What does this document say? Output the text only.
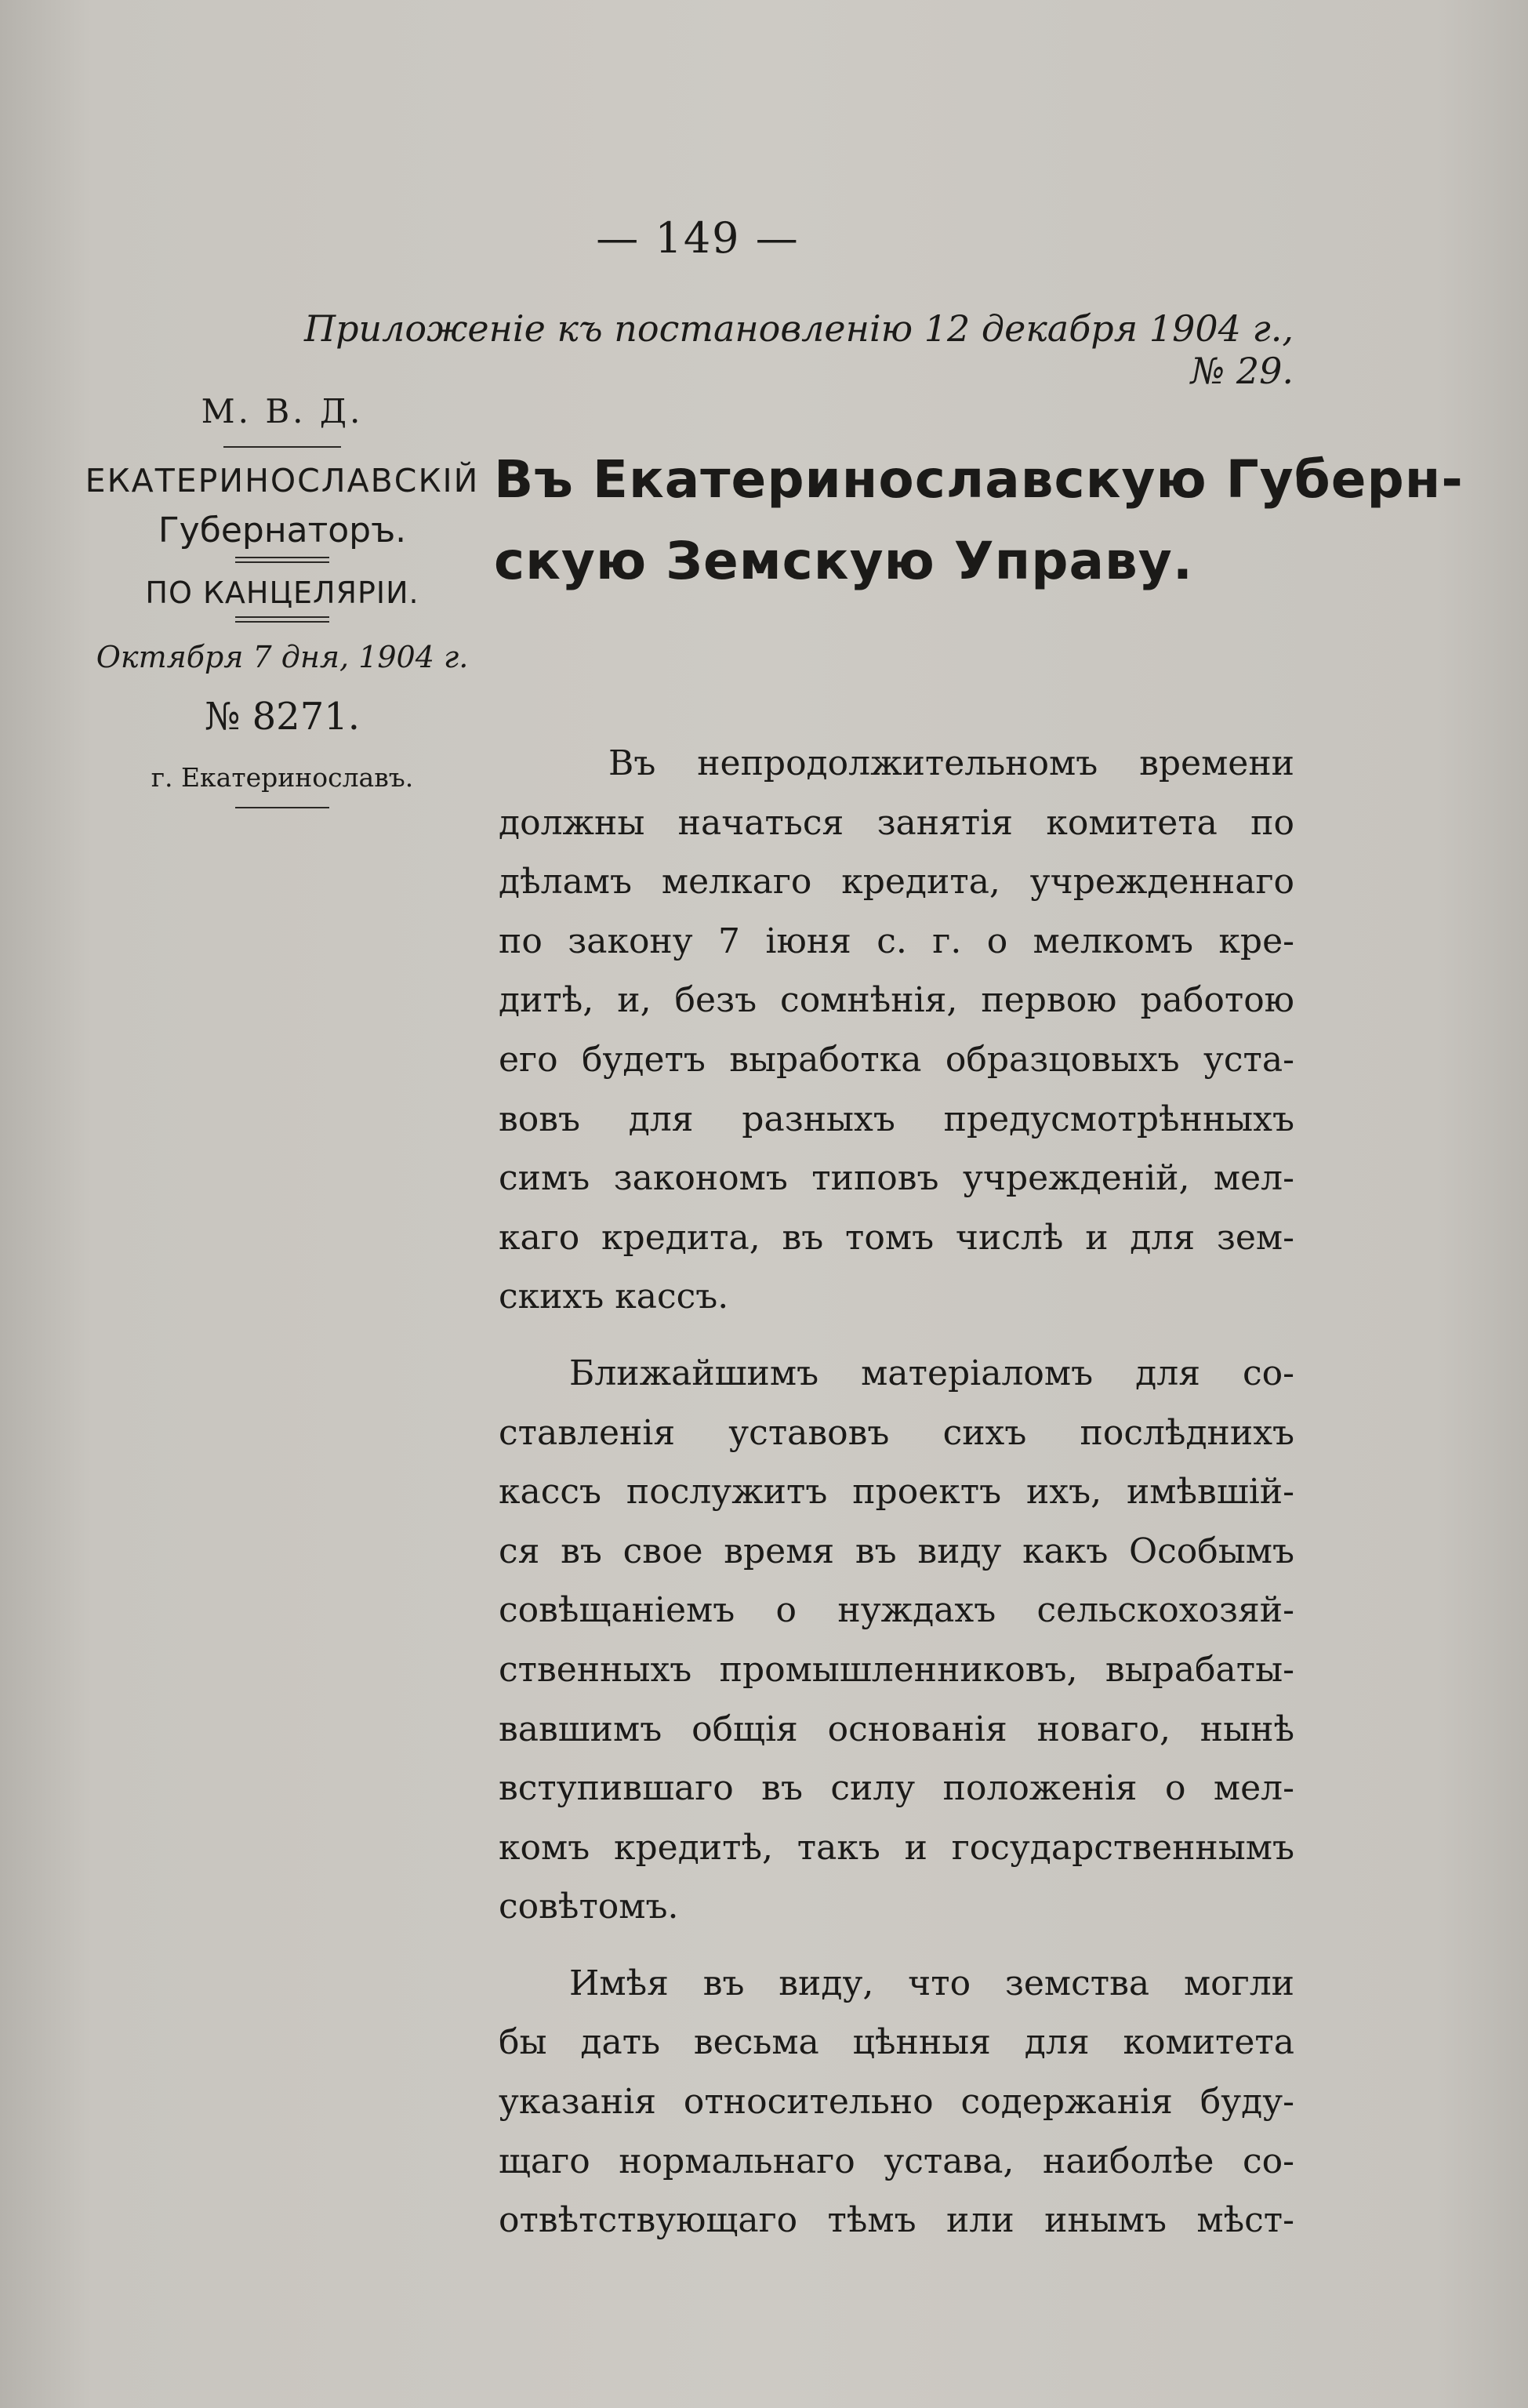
— 149 —
Приложеніе къ постановленію 12 декабря 1904 г., № 29.
М. В. Д.
ЕКАТЕРИНОСЛАВСКІЙ
Губернаторъ.
ПО КАНЦЕЛЯРІИ.
Октября 7 дня, 1904 г.
№ 8271.
г. Екатеринославъ.
Въ Екатеринославскую Губерн-
скую Земскую Управу.
Въ непродолжительномъ времени
должны начаться занятія комитета по
дѣламъ мелкаго кредита, учрежденнаго
по закону 7 іюня с. г. о мелкомъ кре-
дитѣ, и, безъ сомнѣнія, первою работою
его будетъ выработка образцовыхъ уста-
вовъ для разныхъ предусмотрѣнныхъ
симъ закономъ типовъ учрежденій, мел-
каго кредита, въ томъ числѣ и для зем-
скихъ кассъ.
Ближайшимъ матеріаломъ для со-
ставленія уставовъ сихъ послѣднихъ
кассъ послужитъ проектъ ихъ, имѣвшій-
ся въ свое время въ виду какъ Особымъ
совѣщаніемъ о нуждахъ сельскохозяй-
ственныхъ промышленниковъ, вырабаты-
вавшимъ общія основанія новаго, нынѣ
вступившаго въ силу положенія о мел-
комъ кредитѣ, такъ и государственнымъ
совѣтомъ.
Имѣя въ виду, что земства могли
бы дать весьма цѣнныя для комитета
указанія относительно содержанія буду-
щаго нормальнаго устава, наиболѣе со-
отвѣтствующаго тѣмъ или инымъ мѣст-
